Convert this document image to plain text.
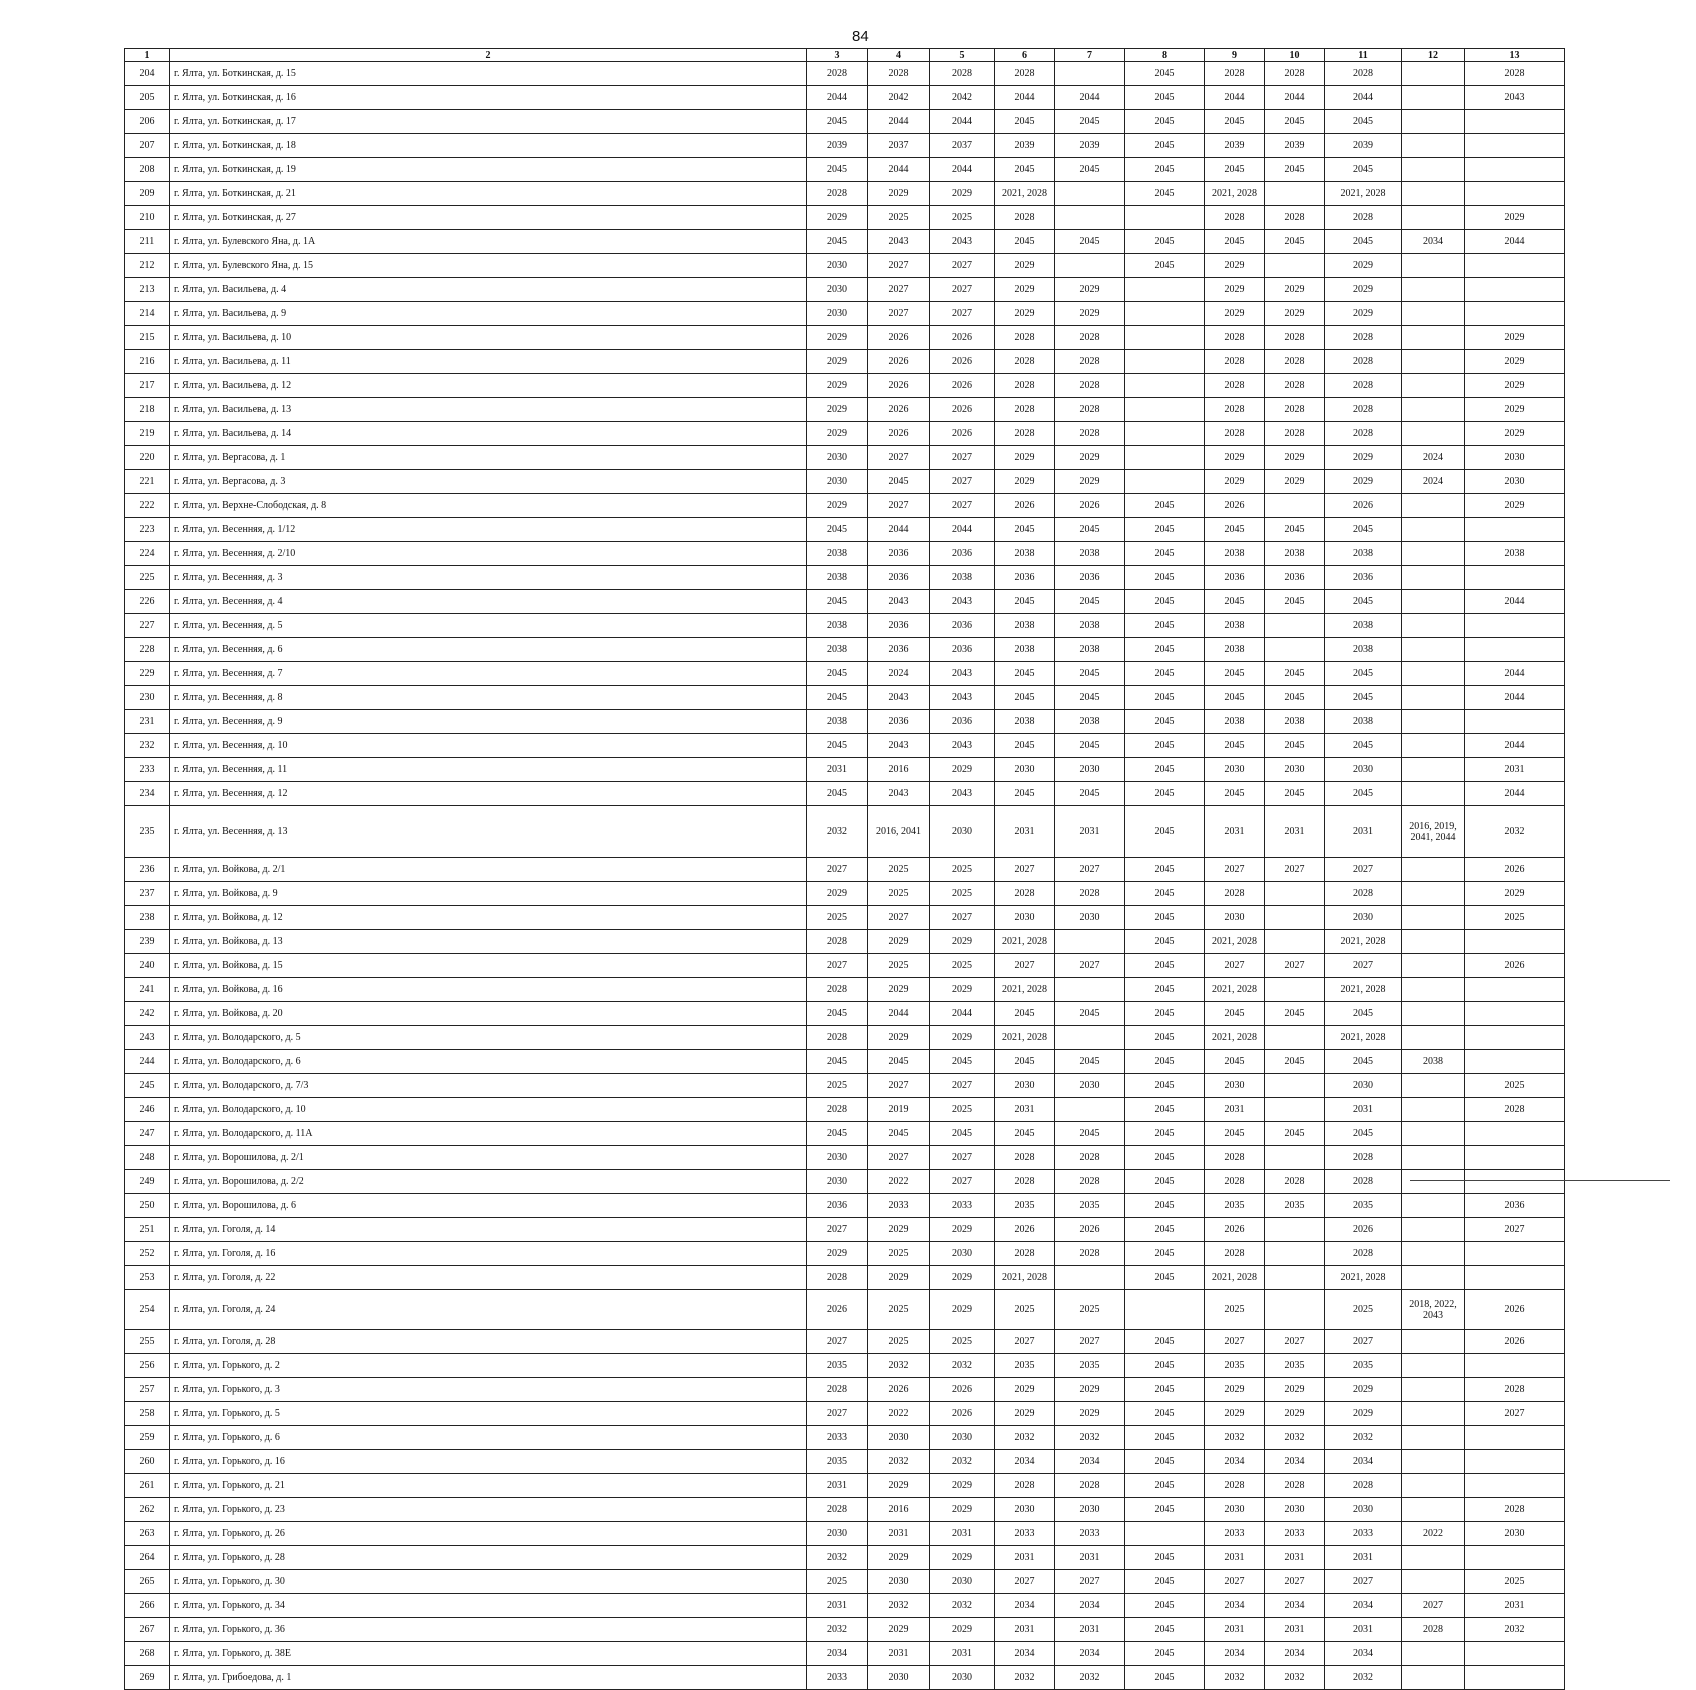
84
1	2	3	4	5	6	7	8	9	10	11	12	13
204	г. Ялта, ул. Боткинская, д. 15	2028	2028	2028	2028		2045	2028	2028	2028		2028
205	г. Ялта, ул. Боткинская, д. 16	2044	2042	2042	2044	2044	2045	2044	2044	2044		2043
206	г. Ялта, ул. Боткинская, д. 17	2045	2044	2044	2045	2045	2045	2045	2045	2045		
207	г. Ялта, ул. Боткинская, д. 18	2039	2037	2037	2039	2039	2045	2039	2039	2039		
208	г. Ялта, ул. Боткинская, д. 19	2045	2044	2044	2045	2045	2045	2045	2045	2045		
209	г. Ялта, ул. Боткинская, д. 21	2028	2029	2029	2021, 2028		2045	2021, 2028		2021, 2028		
210	г. Ялта, ул. Боткинская, д. 27	2029	2025	2025	2028			2028	2028	2028		2029
211	г. Ялта, ул. Булевского Яна, д. 1А	2045	2043	2043	2045	2045	2045	2045	2045	2045	2034	2044
212	г. Ялта, ул. Булевского Яна, д. 15	2030	2027	2027	2029		2045	2029		2029		
213	г. Ялта, ул. Васильева, д. 4	2030	2027	2027	2029	2029		2029	2029	2029		
214	г. Ялта, ул. Васильева, д. 9	2030	2027	2027	2029	2029		2029	2029	2029		
215	г. Ялта, ул. Васильева, д. 10	2029	2026	2026	2028	2028		2028	2028	2028		2029
216	г. Ялта, ул. Васильева, д. 11	2029	2026	2026	2028	2028		2028	2028	2028		2029
217	г. Ялта, ул. Васильева, д. 12	2029	2026	2026	2028	2028		2028	2028	2028		2029
218	г. Ялта, ул. Васильева, д. 13	2029	2026	2026	2028	2028		2028	2028	2028		2029
219	г. Ялта, ул. Васильева, д. 14	2029	2026	2026	2028	2028		2028	2028	2028		2029
220	г. Ялта, ул. Вергасова, д. 1	2030	2027	2027	2029	2029		2029	2029	2029	2024	2030
221	г. Ялта, ул. Вергасова, д. 3	2030	2045	2027	2029	2029		2029	2029	2029	2024	2030
222	г. Ялта, ул. Верхне-Слободская, д. 8	2029	2027	2027	2026	2026	2045	2026		2026		2029
223	г. Ялта, ул. Весенняя, д. 1/12	2045	2044	2044	2045	2045	2045	2045	2045	2045		
224	г. Ялта, ул. Весенняя, д. 2/10	2038	2036	2036	2038	2038	2045	2038	2038	2038		2038
225	г. Ялта, ул. Весенняя, д. 3	2038	2036	2038	2036	2036	2045	2036	2036	2036		
226	г. Ялта, ул. Весенняя, д. 4	2045	2043	2043	2045	2045	2045	2045	2045	2045		2044
227	г. Ялта, ул. Весенняя, д. 5	2038	2036	2036	2038	2038	2045	2038		2038		
228	г. Ялта, ул. Весенняя, д. 6	2038	2036	2036	2038	2038	2045	2038		2038		
229	г. Ялта, ул. Весенняя, д. 7	2045	2024	2043	2045	2045	2045	2045	2045	2045		2044
230	г. Ялта, ул. Весенняя, д. 8	2045	2043	2043	2045	2045	2045	2045	2045	2045		2044
231	г. Ялта, ул. Весенняя, д. 9	2038	2036	2036	2038	2038	2045	2038	2038	2038		
232	г. Ялта, ул. Весенняя, д. 10	2045	2043	2043	2045	2045	2045	2045	2045	2045		2044
233	г. Ялта, ул. Весенняя, д. 11	2031	2016	2029	2030	2030	2045	2030	2030	2030		2031
234	г. Ялта, ул. Весенняя, д. 12	2045	2043	2043	2045	2045	2045	2045	2045	2045		2044
235	г. Ялта, ул. Весенняя, д. 13	2032	2016, 2041	2030	2031	2031	2045	2031	2031	2031	2016, 2019, 2041, 2044	2032
236	г. Ялта, ул. Войкова, д. 2/1	2027	2025	2025	2027	2027	2045	2027	2027	2027		2026
237	г. Ялта, ул. Войкова, д. 9	2029	2025	2025	2028	2028	2045	2028		2028		2029
238	г. Ялта, ул. Войкова, д. 12	2025	2027	2027	2030	2030	2045	2030		2030		2025
239	г. Ялта, ул. Войкова, д. 13	2028	2029	2029	2021, 2028		2045	2021, 2028		2021, 2028		
240	г. Ялта, ул. Войкова, д. 15	2027	2025	2025	2027	2027	2045	2027	2027	2027		2026
241	г. Ялта, ул. Войкова, д. 16	2028	2029	2029	2021, 2028		2045	2021, 2028		2021, 2028		
242	г. Ялта, ул. Войкова, д. 20	2045	2044	2044	2045	2045	2045	2045	2045	2045		
243	г. Ялта, ул. Володарского, д. 5	2028	2029	2029	2021, 2028		2045	2021, 2028		2021, 2028		
244	г. Ялта, ул. Володарского, д. 6	2045	2045	2045	2045	2045	2045	2045	2045	2045	2038	
245	г. Ялта, ул. Володарского, д. 7/3	2025	2027	2027	2030	2030	2045	2030		2030		2025
246	г. Ялта, ул. Володарского, д. 10	2028	2019	2025	2031		2045	2031		2031		2028
247	г. Ялта, ул. Володарского, д. 11А	2045	2045	2045	2045	2045	2045	2045	2045	2045		
248	г. Ялта, ул. Ворошилова, д. 2/1	2030	2027	2027	2028	2028	2045	2028		2028		
249	г. Ялта, ул. Ворошилова, д. 2/2	2030	2022	2027	2028	2028	2045	2028	2028	2028		
250	г. Ялта, ул. Ворошилова, д. 6	2036	2033	2033	2035	2035	2045	2035	2035	2035		2036
251	г. Ялта, ул. Гоголя, д. 14	2027	2029	2029	2026	2026	2045	2026		2026		2027
252	г. Ялта, ул. Гоголя, д. 16	2029	2025	2030	2028	2028	2045	2028		2028		
253	г. Ялта, ул. Гоголя, д. 22	2028	2029	2029	2021, 2028		2045	2021, 2028		2021, 2028		
254	г. Ялта, ул. Гоголя, д. 24	2026	2025	2029	2025	2025		2025		2025	2018, 2022, 2043	2026
255	г. Ялта, ул. Гоголя, д. 28	2027	2025	2025	2027	2027	2045	2027	2027	2027		2026
256	г. Ялта, ул. Горького, д. 2	2035	2032	2032	2035	2035	2045	2035	2035	2035		
257	г. Ялта, ул. Горького, д. 3	2028	2026	2026	2029	2029	2045	2029	2029	2029		2028
258	г. Ялта, ул. Горького, д. 5	2027	2022	2026	2029	2029	2045	2029	2029	2029		2027
259	г. Ялта, ул. Горького, д. 6	2033	2030	2030	2032	2032	2045	2032	2032	2032		
260	г. Ялта, ул. Горького, д. 16	2035	2032	2032	2034	2034	2045	2034	2034	2034		
261	г. Ялта, ул. Горького, д. 21	2031	2029	2029	2028	2028	2045	2028	2028	2028		
262	г. Ялта, ул. Горького, д. 23	2028	2016	2029	2030	2030	2045	2030	2030	2030		2028
263	г. Ялта, ул. Горького, д. 26	2030	2031	2031	2033	2033		2033	2033	2033	2022	2030
264	г. Ялта, ул. Горького, д. 28	2032	2029	2029	2031	2031	2045	2031	2031	2031		
265	г. Ялта, ул. Горького, д. 30	2025	2030	2030	2027	2027	2045	2027	2027	2027		2025
266	г. Ялта, ул. Горького, д. 34	2031	2032	2032	2034	2034	2045	2034	2034	2034	2027	2031
267	г. Ялта, ул. Горького, д. 36	2032	2029	2029	2031	2031	2045	2031	2031	2031	2028	2032
268	г. Ялта, ул. Горького, д. 38Е	2034	2031	2031	2034	2034	2045	2034	2034	2034		
269	г. Ялта, ул. Грибоедова, д. 1	2033	2030	2030	2032	2032	2045	2032	2032	2032		
